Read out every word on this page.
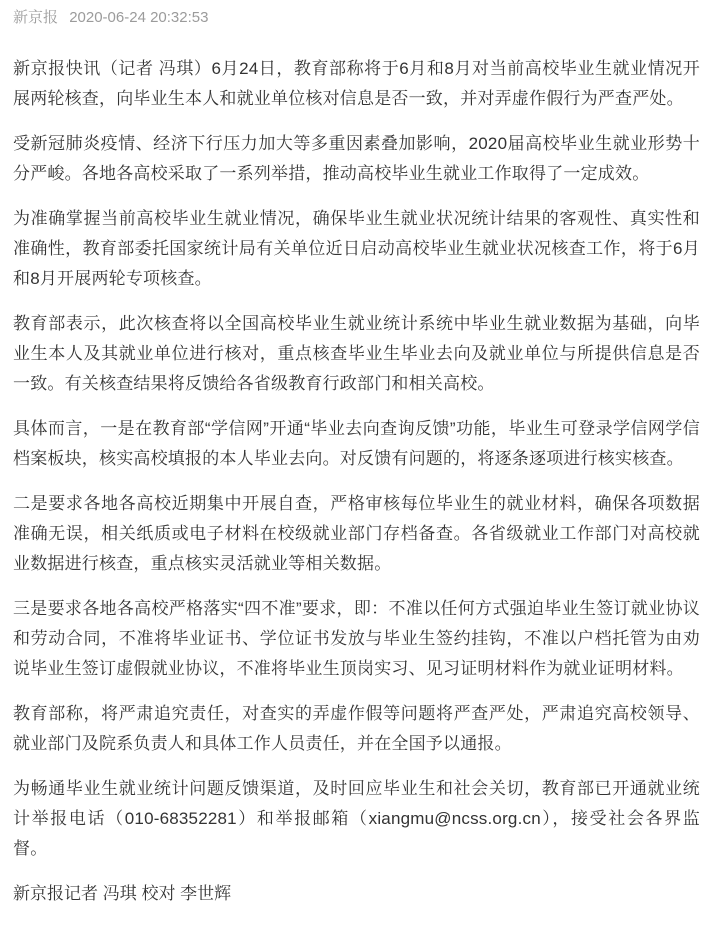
新京报 2020-06-24 20:32:53

新京报快讯（记者 冯琪）6月24日，教育部称将于6月和8月对当前高校毕业生就业情况开展两轮核查，向毕业生本人和就业单位核对信息是否一致，并对弄虚作假行为严查严处。

受新冠肺炎疫情、经济下行压力加大等多重因素叠加影响，2020届高校毕业生就业形势十分严峻。各地各高校采取了一系列举措，推动高校毕业生就业工作取得了一定成效。

为准确掌握当前高校毕业生就业情况，确保毕业生就业状况统计结果的客观性、真实性和准确性，教育部委托国家统计局有关单位近日启动高校毕业生就业状况核查工作，将于6月和8月开展两轮专项核查。

教育部表示，此次核查将以全国高校毕业生就业统计系统中毕业生就业数据为基础，向毕业生本人及其就业单位进行核对，重点核查毕业生毕业去向及就业单位与所提供信息是否一致。有关核查结果将反馈给各省级教育行政部门和相关高校。

具体而言，一是在教育部“学信网”开通“毕业去向查询反馈”功能，毕业生可登录学信网学信档案板块，核实高校填报的本人毕业去向。对反馈有问题的，将逐条逐项进行核实核查。

二是要求各地各高校近期集中开展自查，严格审核每位毕业生的就业材料，确保各项数据准确无误，相关纸质或电子材料在校级就业部门存档备查。各省级就业工作部门对高校就业数据进行核查，重点核实灵活就业等相关数据。

三是要求各地各高校严格落实“四不准”要求，即：不准以任何方式强迫毕业生签订就业协议和劳动合同，不准将毕业证书、学位证书发放与毕业生签约挂钩，不准以户档托管为由劝说毕业生签订虚假就业协议，不准将毕业生顶岗实习、见习证明材料作为就业证明材料。

教育部称，将严肃追究责任，对查实的弄虚作假等问题将严查严处，严肃追究高校领导、就业部门及院系负责人和具体工作人员责任，并在全国予以通报。

为畅通毕业生就业统计问题反馈渠道，及时回应毕业生和社会关切，教育部已开通就业统计举报电话（010-68352281）和举报邮箱（xiangmu@ncss.org.cn），接受社会各界监督。

新京报记者 冯琪 校对 李世辉
